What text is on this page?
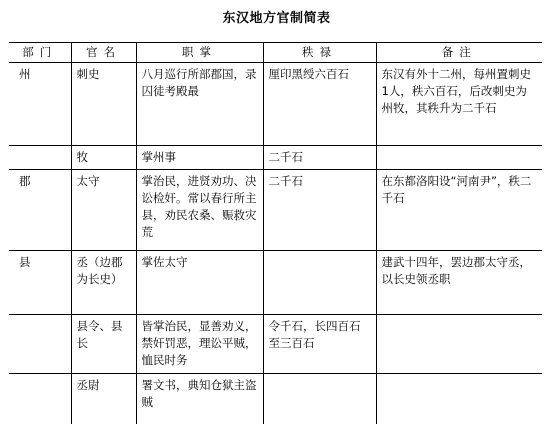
东汉地方官制简表
部门	官名	职掌	秩禄	备注
州	刺史	八月巡行所部郡国，录囚徒考殿最	厘印黑绶六百石	东汉有外十二州，每州置刺史1人，秩六百石，后改刺史为州牧，其秩升为二千石
	牧	掌州事	二千石	
郡	太守	掌治民，进贤劝功、决讼检奸。常以春行所主县，劝民农桑、赈救灾荒	二千石	在东都洛阳设“河南尹”，秩二千石
县	丞（边郡为长史）	掌佐太守		建武十四年，罢边郡太守丞，以长史领丞职
	县令、县长	皆掌治民，显善劝义，禁奸罚恶，理讼平贼，恤民时务	令千石，长四百石至三百石	
	丞尉	署文书，典知仓狱主盗贼		
